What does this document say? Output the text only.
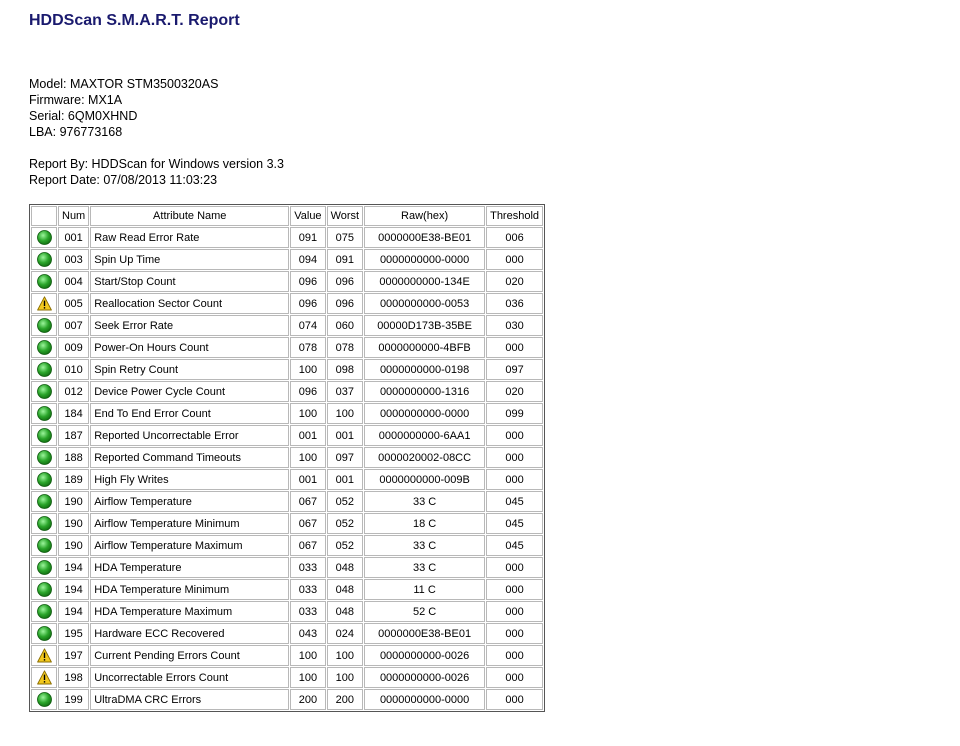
HDDScan S.M.A.R.T. Report
Model: MAXTOR STM3500320AS
Firmware: MX1A
Serial: 6QM0XHND
LBA: 976773168
Report By: HDDScan for Windows version 3.3
Report Date: 07/08/2013 11:03:23
	Num	Attribute Name	Value	Worst	Raw(hex)	Threshold

	001	Raw Read Error Rate	091	075	0000000E38-BE01	006

	003	Spin Up Time	094	091	0000000000-0000	000

	004	Start/Stop Count	096	096	0000000000-134E	020

	005	Reallocation Sector Count	096	096	0000000000-0053	036

	007	Seek Error Rate	074	060	00000D173B-35BE	030

	009	Power-On Hours Count	078	078	0000000000-4BFB	000

	010	Spin Retry Count	100	098	0000000000-0198	097

	012	Device Power Cycle Count	096	037	0000000000-1316	020

	184	End To End Error Count	100	100	0000000000-0000	099

	187	Reported Uncorrectable Error	001	001	0000000000-6AA1	000

	188	Reported Command Timeouts	100	097	0000020002-08CC	000

	189	High Fly Writes	001	001	0000000000-009B	000

	190	Airflow Temperature	067	052	33 C	045

	190	Airflow Temperature Minimum	067	052	18 C	045

	190	Airflow Temperature Maximum	067	052	33 C	045

	194	HDA Temperature	033	048	33 C	000

	194	HDA Temperature Minimum	033	048	11 C	000

	194	HDA Temperature Maximum	033	048	52 C	000

	195	Hardware ECC Recovered	043	024	0000000E38-BE01	000

	197	Current Pending Errors Count	100	100	0000000000-0026	000

	198	Uncorrectable Errors Count	100	100	0000000000-0026	000

	199	UltraDMA CRC Errors	200	200	0000000000-0000	000
